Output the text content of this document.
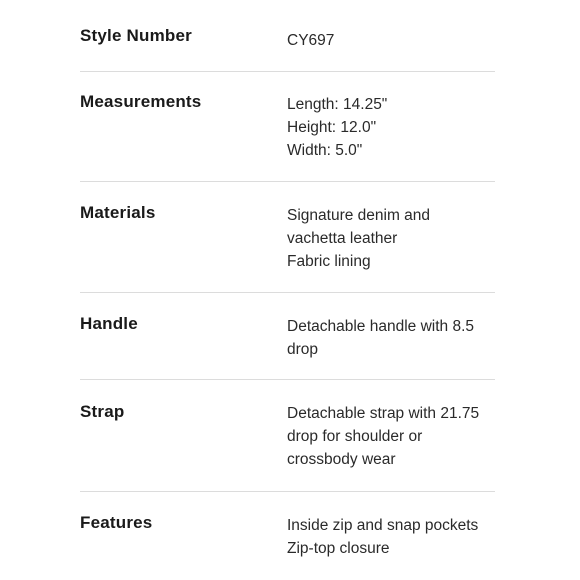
Style Number	CY697
Measurements	Length: 14.25"
Height: 12.0"
Width: 5.0"
Materials	Signature denim and
vachetta leather
Fabric lining
Handle	Detachable handle with 8.5
drop
Strap	Detachable strap with 21.75
drop for shoulder or
crossbody wear
Features	Inside zip and snap pockets
Zip-top closure
